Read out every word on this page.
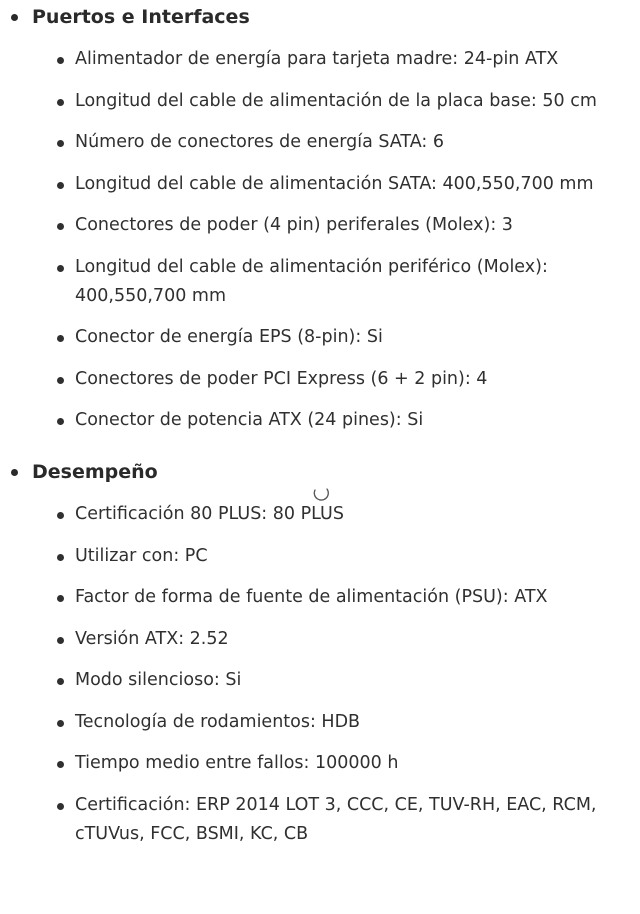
Puertos e Interfaces
Alimentador de energía para tarjeta madre: 24-pin ATX
Longitud del cable de alimentación de la placa base: 50 cm
Número de conectores de energía SATA: 6
Longitud del cable de alimentación SATA: 400,550,700 mm
Conectores de poder (4 pin) periferales (Molex): 3
Longitud del cable de alimentación periférico (Molex): 400,550,700 mm
Conector de energía EPS (8-pin): Si
Conectores de poder PCI Express (6 + 2 pin): 4
Conector de potencia ATX (24 pines): Si
Desempeño
Certificación 80 PLUS: 80 PLUS
Utilizar con: PC
Factor de forma de fuente de alimentación (PSU): ATX
Versión ATX: 2.52
Modo silencioso: Si
Tecnología de rodamientos: HDB
Tiempo medio entre fallos: 100000 h
Certificación: ERP 2014 LOT 3, CCC, CE, TUV-RH, EAC, RCM, cTUVus, FCC, BSMI, KC, CB
